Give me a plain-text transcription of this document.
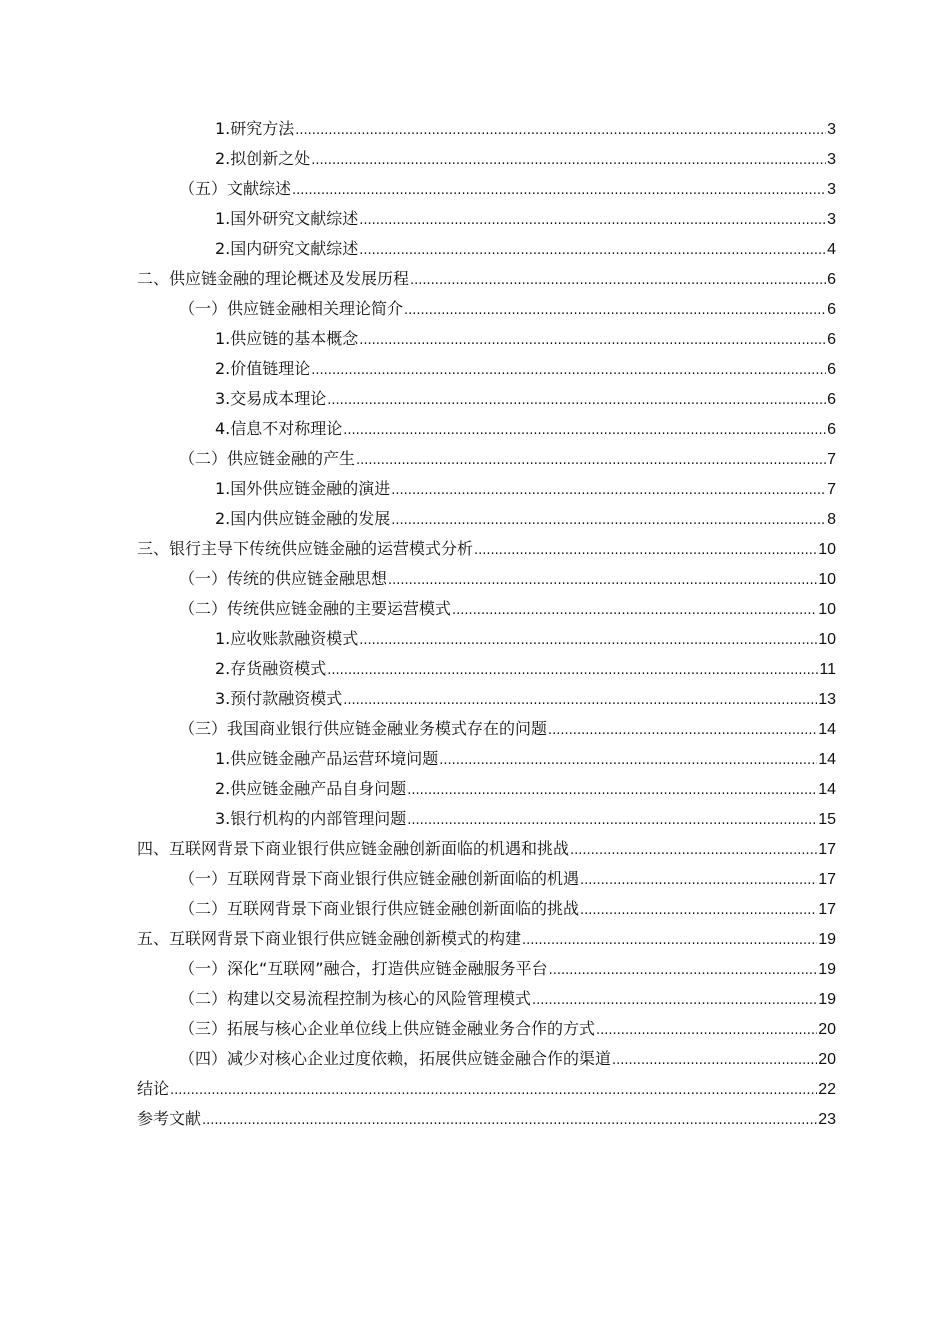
1.研究方法 .....	3
2.拟创新之处 .....	3
（五）文献综述 .....	3
1.国外研究文献综述 .....	3
2.国内研究文献综述 .....	4
二、供应链金融的理论概述及发展历程 .....	6
（一）供应链金融相关理论简介 .....	6
1.供应链的基本概念 .....	6
2.价值链理论 .....	6
3.交易成本理论 .....	6
4.信息不对称理论 .....	6
（二）供应链金融的产生 .....	7
1.国外供应链金融的演进 .....	7
2.国内供应链金融的发展 .....	8
三、银行主导下传统供应链金融的运营模式分析 .....	10
（一）传统的供应链金融思想 .....	10
（二）传统供应链金融的主要运营模式 .....	10
1.应收账款融资模式 .....	10
2.存货融资模式 .....	11
3.预付款融资模式 .....	13
（三）我国商业银行供应链金融业务模式存在的问题 .....	14
1.供应链金融产品运营环境问题 .....	14
2.供应链金融产品自身问题 .....	14
3.银行机构的内部管理问题 .....	15
四、互联网背景下商业银行供应链金融创新面临的机遇和挑战 .....	17
（一）互联网背景下商业银行供应链金融创新面临的机遇 .....	17
（二）互联网背景下商业银行供应链金融创新面临的挑战 .....	17
五、互联网背景下商业银行供应链金融创新模式的构建 .....	19
（一）深化“互联网”融合，打造供应链金融服务平台 .....	19
（二）构建以交易流程控制为核心的风险管理模式 .....	19
（三）拓展与核心企业单位线上供应链金融业务合作的方式 .....	20
（四）减少对核心企业过度依赖，拓展供应链金融合作的渠道 .....	20
结论 .....	22
参考文献 .....	23
